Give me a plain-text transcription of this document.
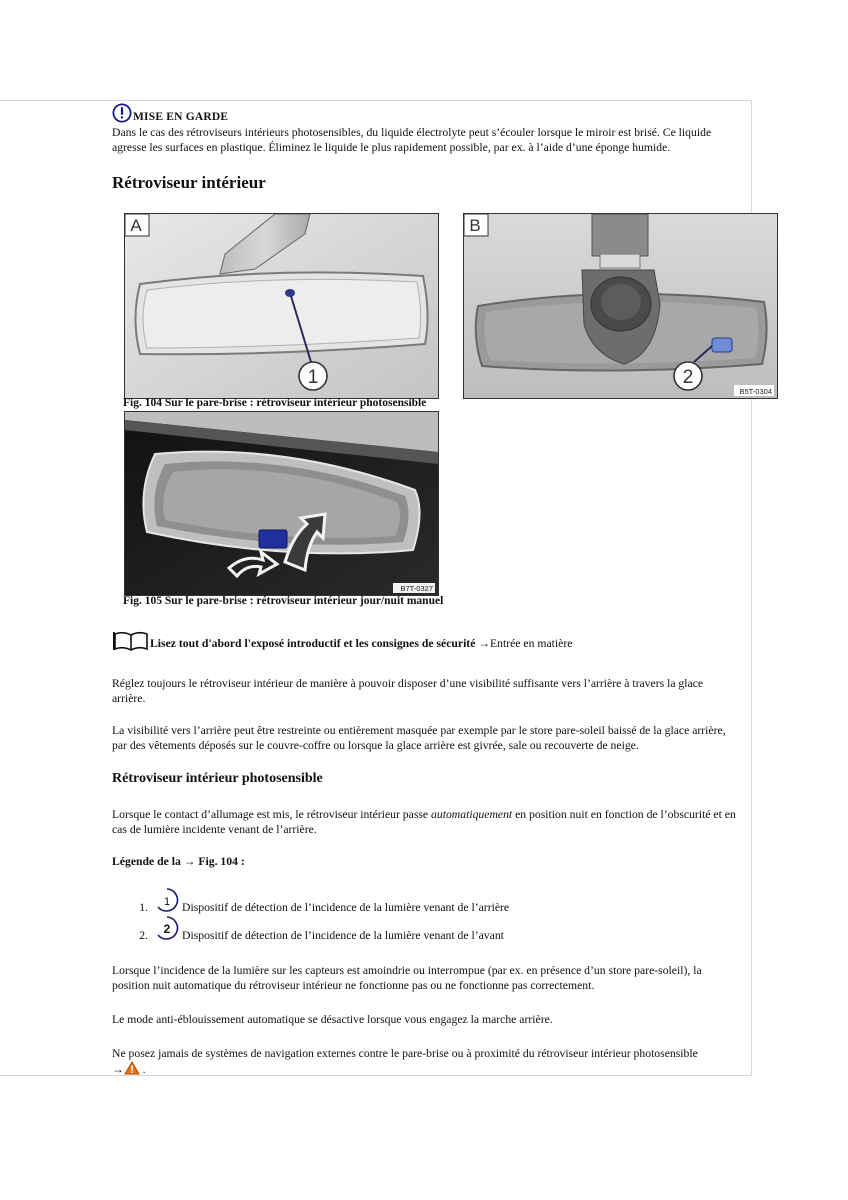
MISE EN GARDE
Dans le cas des rétroviseurs intérieurs photosensibles, du liquide électrolyte peut s’écouler lorsque le miroir est brisé. Ce liquide agresse les surfaces en plastique. Éliminez le liquide le plus rapidement possible, par ex. à l’aide d’une éponge humide.
Rétroviseur intérieur
1
A
2
B
B5T-0304
Fig. 104 Sur le pare-brise : rétroviseur intérieur photosensible
B7T-0327
Fig. 105 Sur le pare-brise : rétroviseur intérieur jour/nuit manuel
Lisez tout d'abord l'exposé introductif et les consignes de sécurité →Entrée en matière
Réglez toujours le rétroviseur intérieur de manière à pouvoir disposer d’une visibilité suffisante vers l’arrière à travers la glace arrière.
La visibilité vers l’arrière peut être restreinte ou entièrement masquée par exemple par le store pare-soleil baissé de la glace arrière, par des vêtements déposés sur le couvre-coffre ou lorsque la glace arrière est givrée, sale ou recouverte de neige.
Rétroviseur intérieur photosensible
Lorsque le contact d’allumage est mis, le rétroviseur intérieur passe automatiquement en position nuit en fonction de l’obscurité et en cas de lumière incidente venant de l’arrière.
Légende de la → Fig. 104 :
1.	1 Dispositif de détection de l’incidence de la lumière venant de l’arrière
2.	2 Dispositif de détection de l’incidence de la lumière venant de l’avant
Lorsque l’incidence de la lumière sur les capteurs est amoindrie ou interrompue (par ex. en présence d’un store pare-soleil), la position nuit automatique du rétroviseur intérieur ne fonctionne pas ou ne fonctionne pas correctement.
Le mode anti-éblouissement automatique se désactive lorsque vous engagez la marche arrière.
Ne posez jamais de systèmes de navigation externes contre le pare-brise ou à proximité du rétroviseur intérieur photosensible
→ .
